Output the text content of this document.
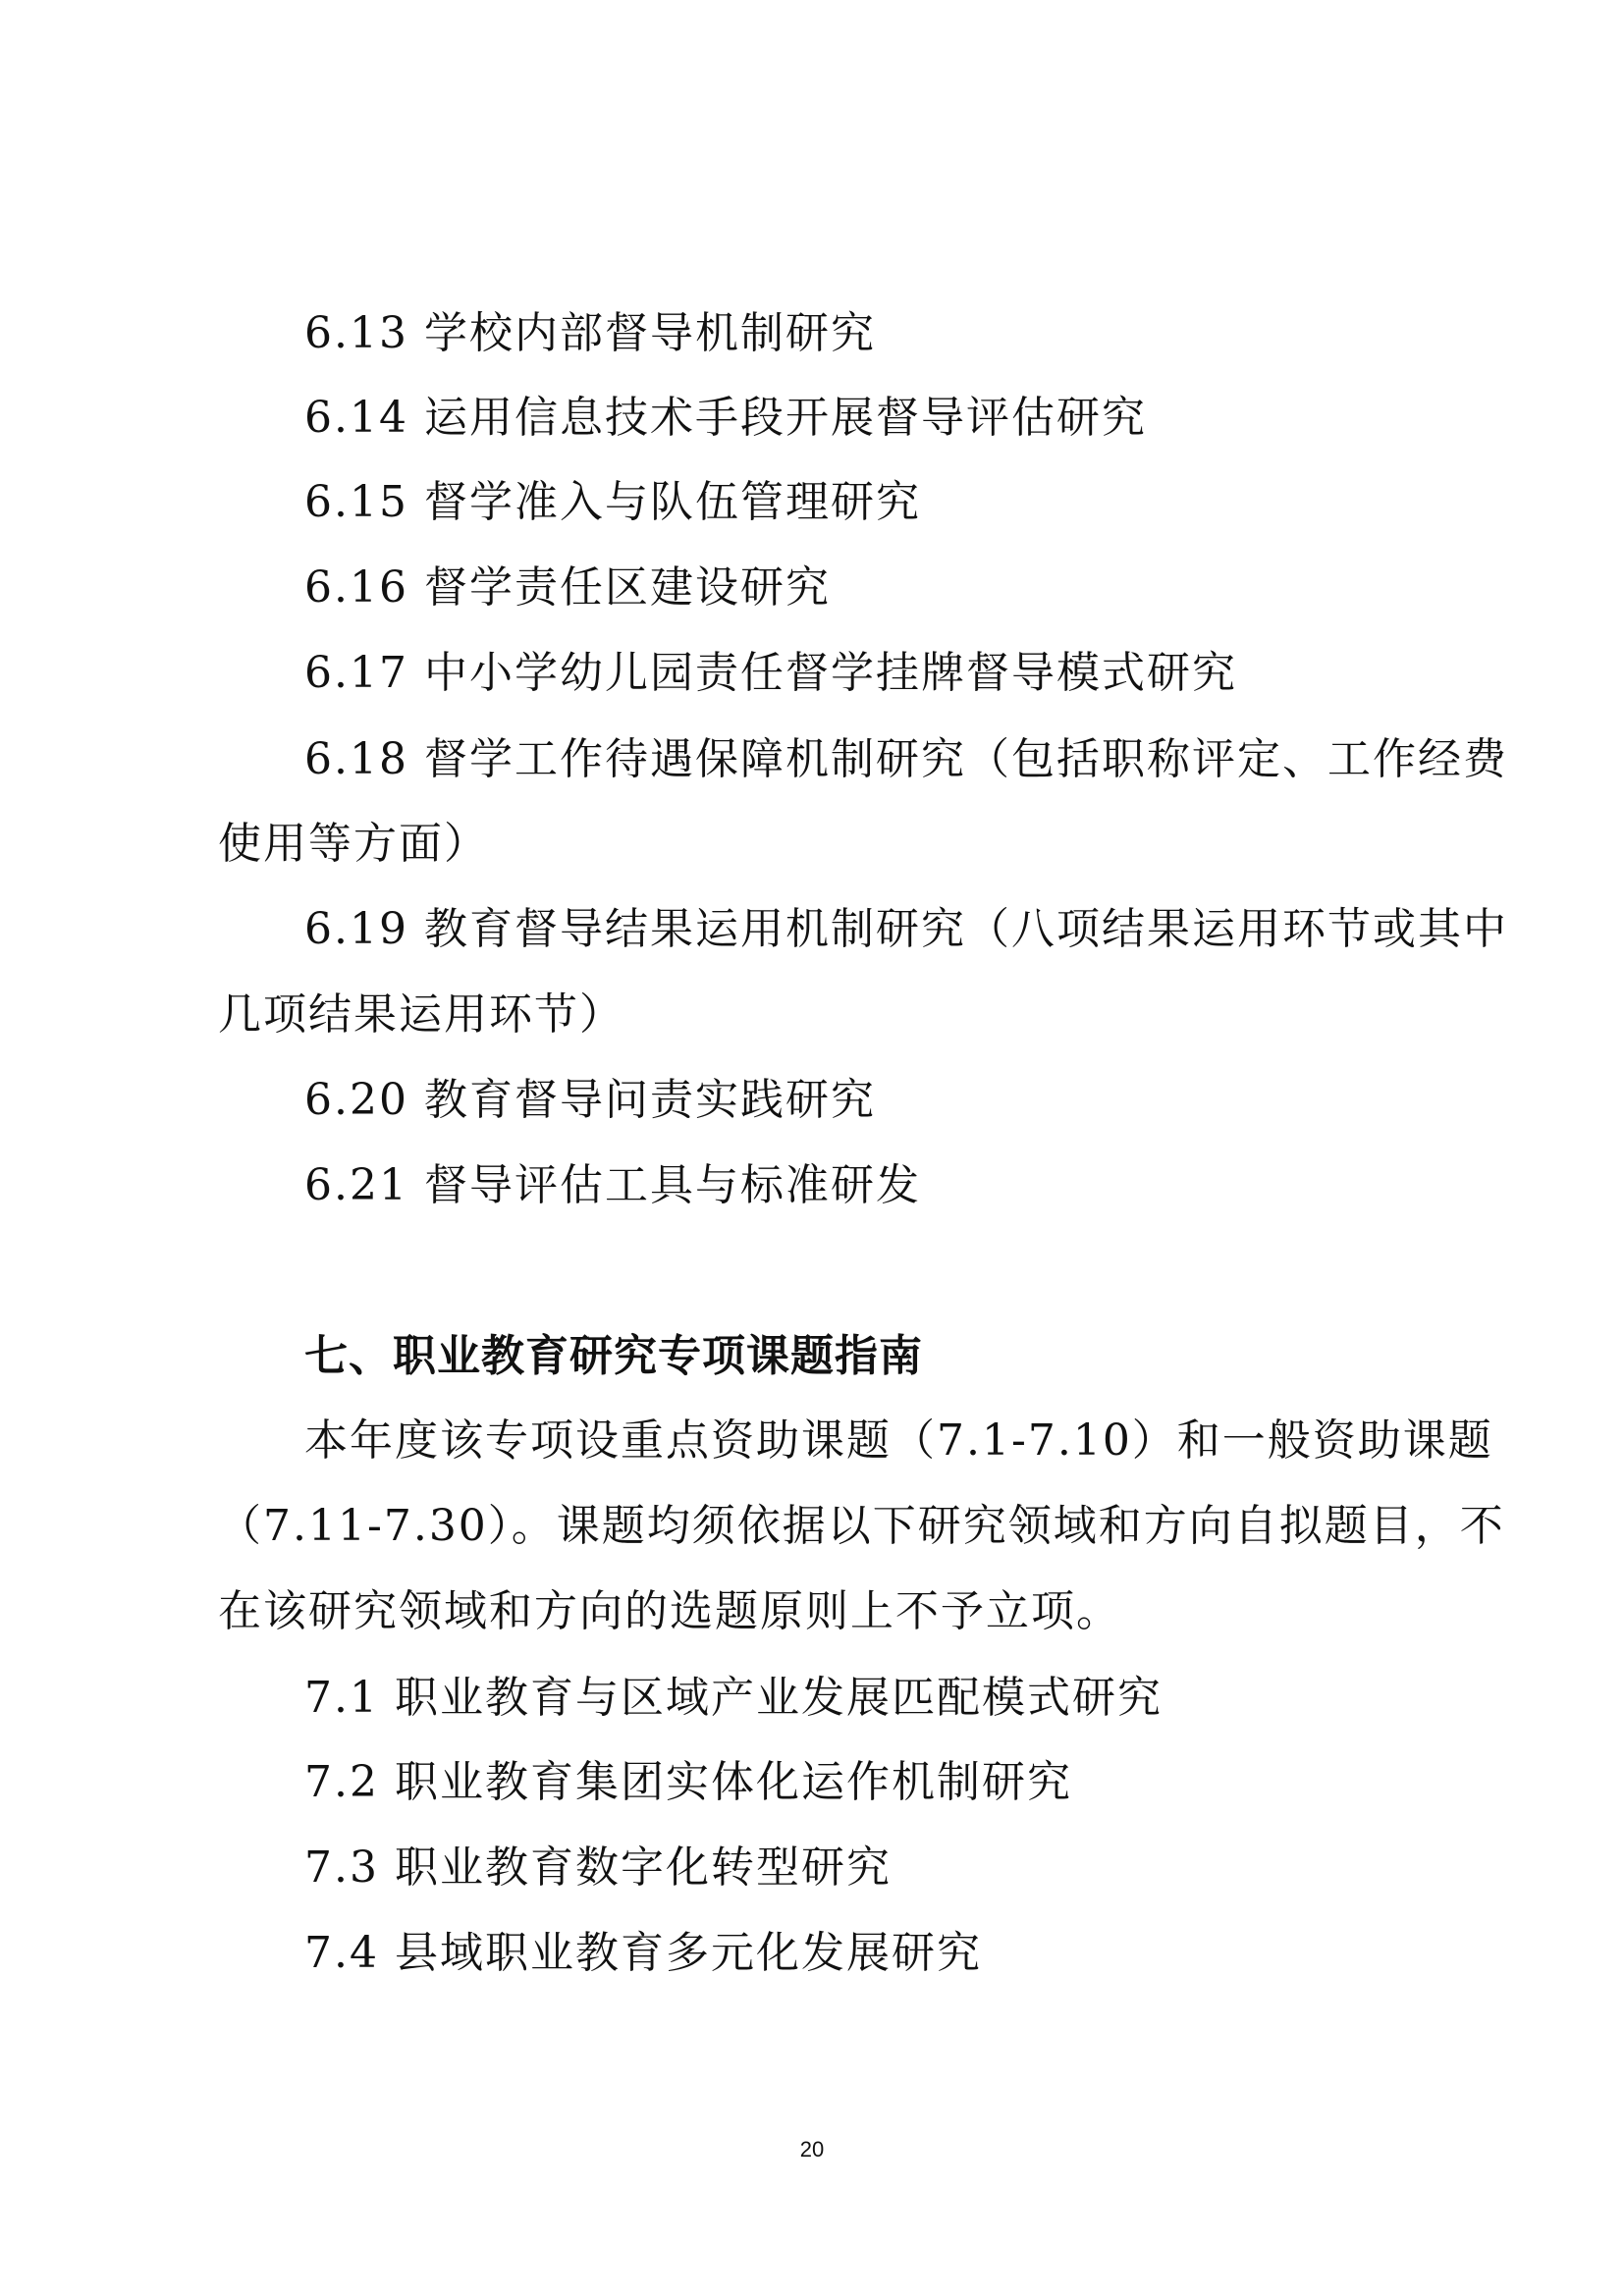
6.13 学校内部督导机制研究
6.14 运用信息技术手段开展督导评估研究
6.15 督学准入与队伍管理研究
6.16 督学责任区建设研究
6.17 中小学幼儿园责任督学挂牌督导模式研究
6.18 督学工作待遇保障机制研究（包括职称评定、工作经费
使用等方面）
6.19 教育督导结果运用机制研究（八项结果运用环节或其中
几项结果运用环节）
6.20 教育督导问责实践研究
6.21 督导评估工具与标准研发
七、职业教育研究专项课题指南
本年度该专项设重点资助课题（7.1-7.10）和一般资助课题
（7.11-7.30）。课题均须依据以下研究领域和方向自拟题目，不
在该研究领域和方向的选题原则上不予立项。
7.1 职业教育与区域产业发展匹配模式研究
7.2 职业教育集团实体化运作机制研究
7.3 职业教育数字化转型研究
7.4 县域职业教育多元化发展研究
20
